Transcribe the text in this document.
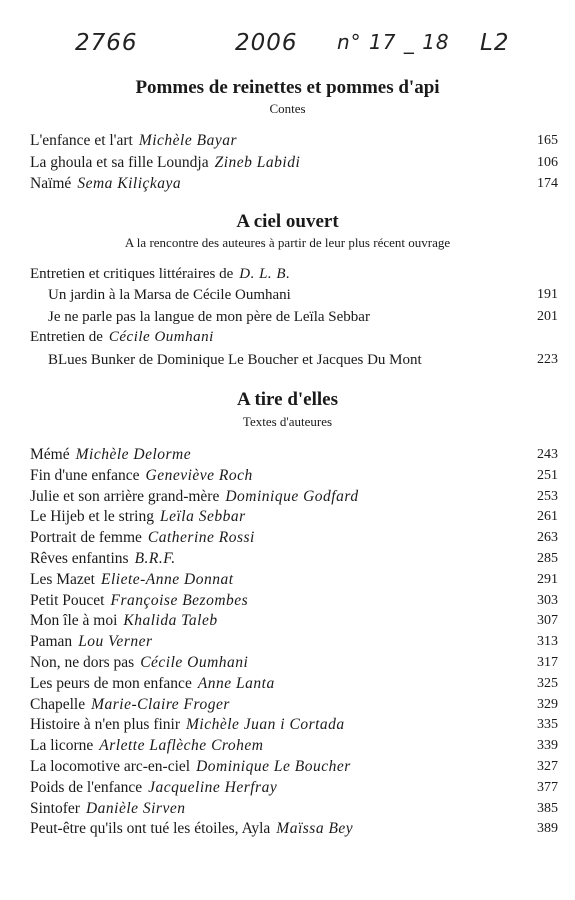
2766	2006 n° 17 _ 18 L2
Pommes de reinettes et pommes d'api

Contes

L'enfance et l'art Michèle Bayar	165
La ghoula et sa fille Loundja Zineb Labidi	106
Naïmé Sema Kiliçkaya	174
A ciel ouvert

A la rencontre des auteures à partir de leur plus récent ouvrage

Entretien et critiques littéraires de D. L. B.
Un jardin à la Marsa de Cécile Oumhani	191
Je ne parle pas la langue de mon père de Leïla Sebbar	201
Entretien de Cécile Oumhani
BLues Bunker de Dominique Le Boucher et Jacques Du Mont	223
A tire d'elles

Textes d'auteures

Mémé Michèle Delorme	243
Fin d'une enfance Geneviève Roch	251
Julie et son arrière grand-mère Dominique Godfard	253
Le Hijeb et le string Leïla Sebbar	261
Portrait de femme Catherine Rossi	263
Rêves enfantins B.R.F.	285
Les Mazet Eliete-Anne Donnat	291
Petit Poucet Françoise Bezombes	303
Mon île à moi Khalida Taleb	307
Paman Lou Verner	313
Non, ne dors pas Cécile Oumhani	317
Les peurs de mon enfance Anne Lanta	325
Chapelle Marie-Claire Froger	329
Histoire à n'en plus finir Michèle Juan i Cortada	335
La licorne Arlette Laflèche Crohem	339
La locomotive arc-en-ciel Dominique Le Boucher	327
Poids de l'enfance Jacqueline Herfray	377
Sintofer Danièle Sirven	385
Peut-être qu'ils ont tué les étoiles, Ayla Maïssa Bey	389
